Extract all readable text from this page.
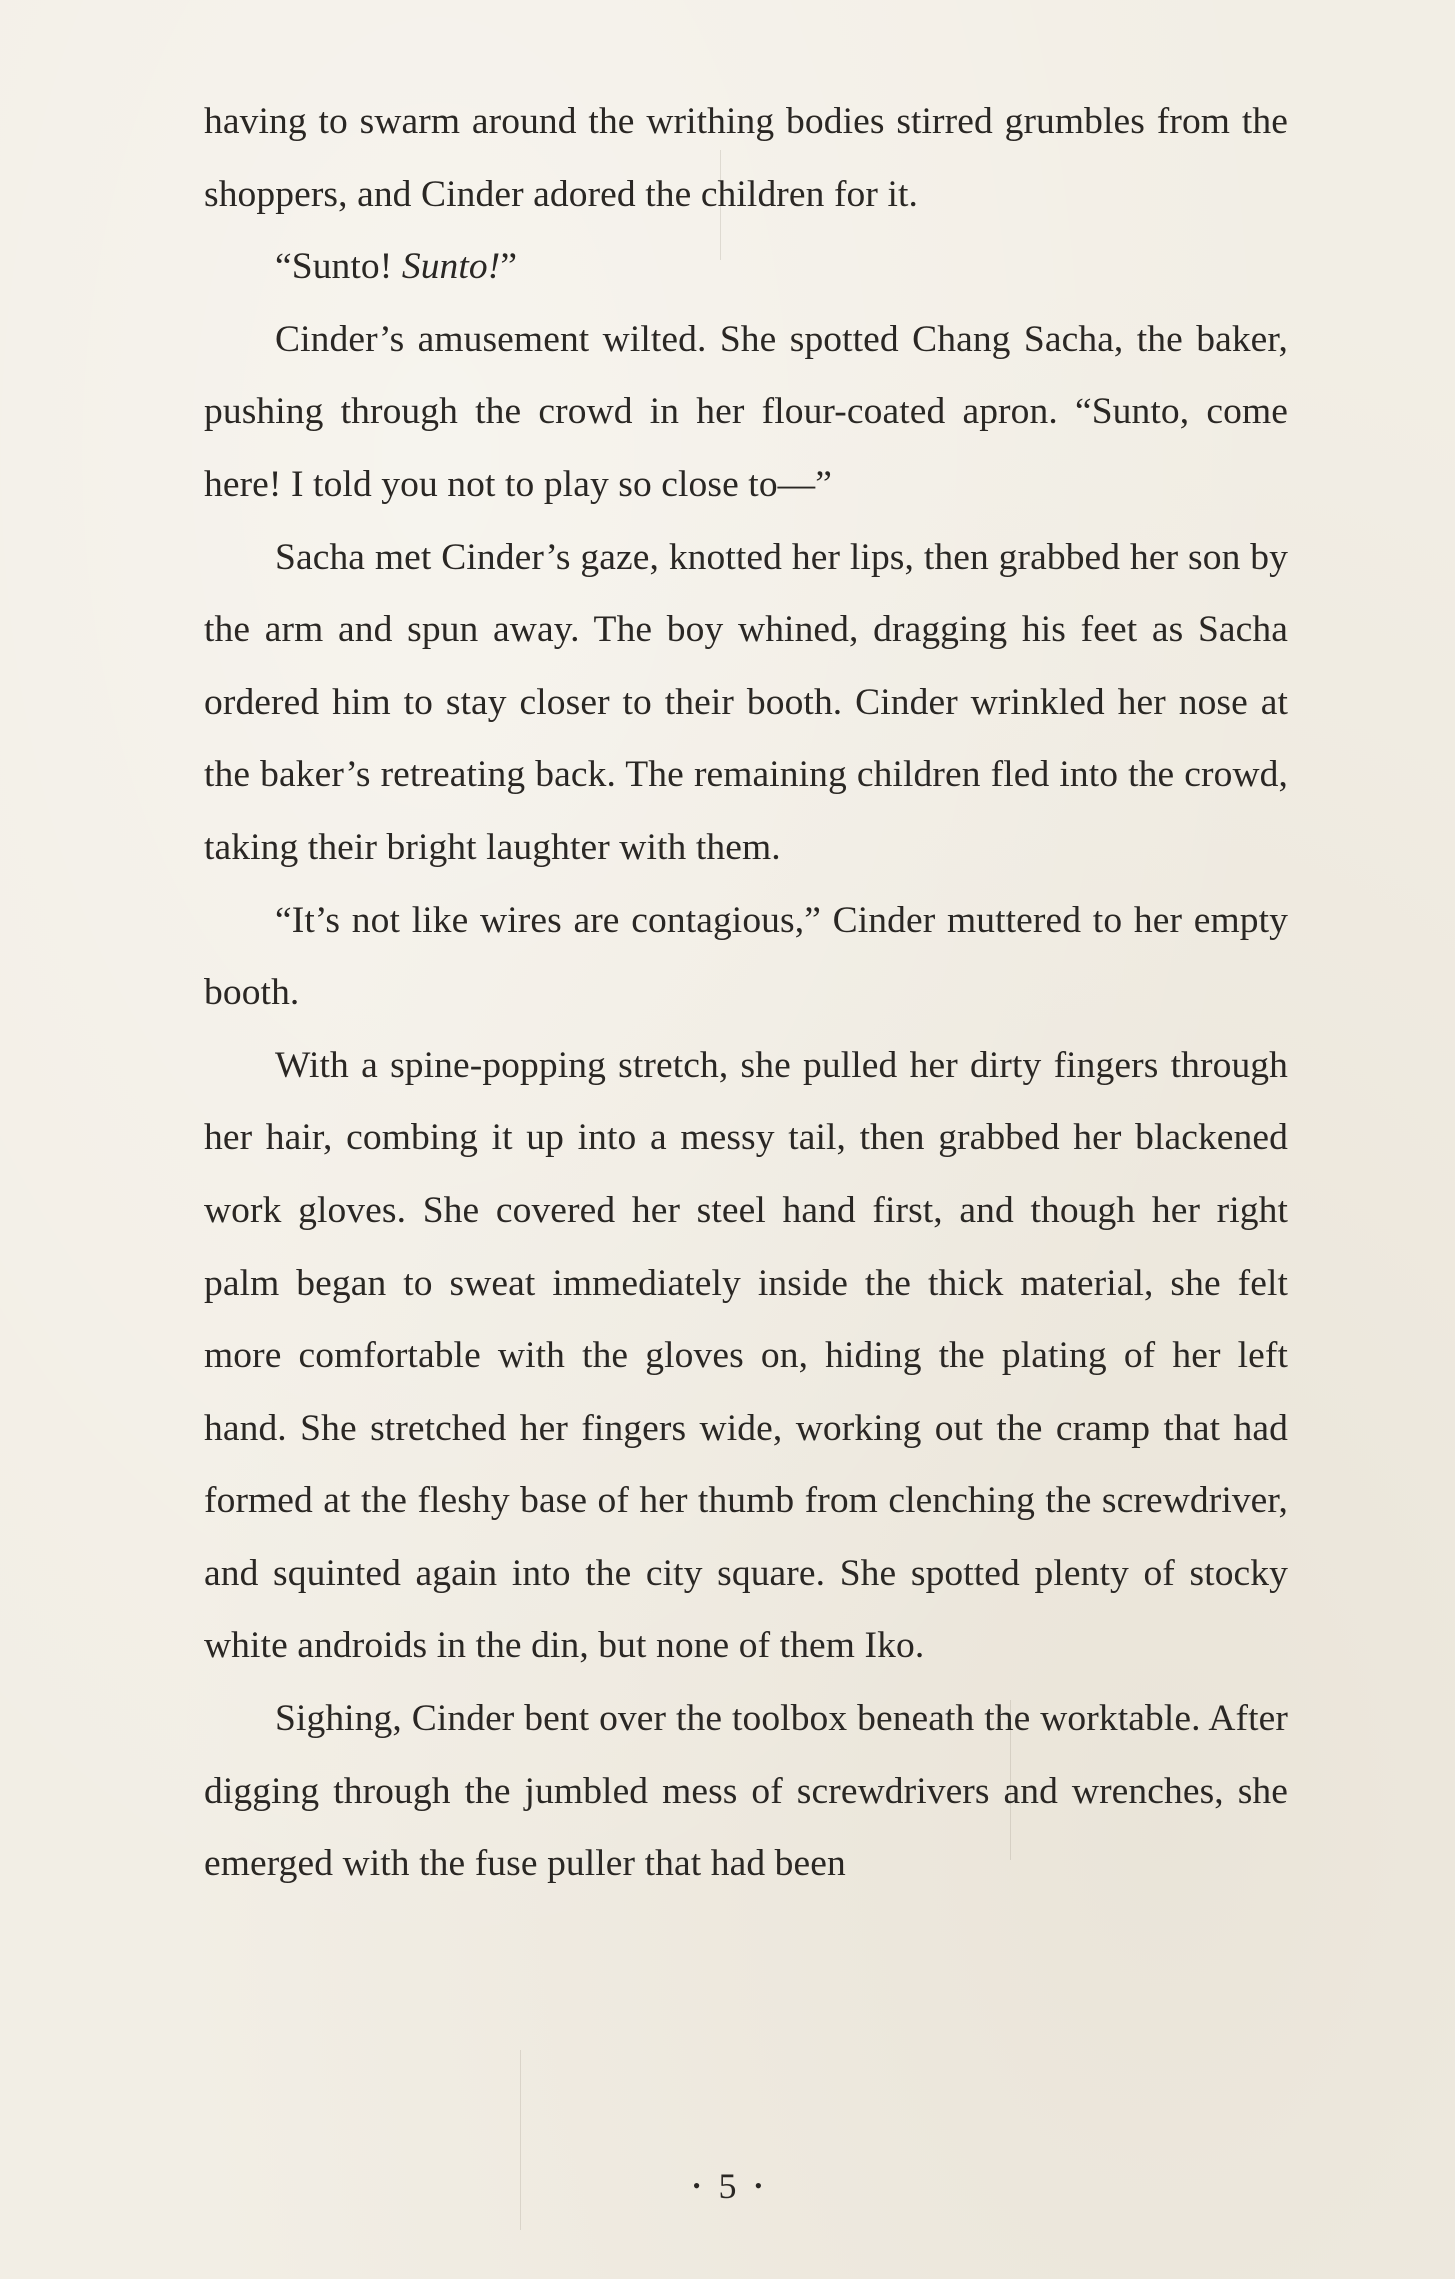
having to swarm around the writhing bodies stirred grumbles from the shoppers, and Cinder adored the children for it.

“Sunto! Sunto!”

Cinder’s amusement wilted. She spotted Chang Sacha, the baker, pushing through the crowd in her flour-coated apron. “Sunto, come here! I told you not to play so close to—”

Sacha met Cinder’s gaze, knotted her lips, then grabbed her son by the arm and spun away. The boy whined, dragging his feet as Sacha ordered him to stay closer to their booth. Cinder wrinkled her nose at the baker’s retreating back. The remaining children fled into the crowd, taking their bright laughter with them.

“It’s not like wires are contagious,” Cinder muttered to her empty booth.

With a spine-popping stretch, she pulled her dirty fingers through her hair, combing it up into a messy tail, then grabbed her blackened work gloves. She covered her steel hand first, and though her right palm began to sweat immediately inside the thick material, she felt more comfortable with the gloves on, hiding the plating of her left hand. She stretched her fingers wide, working out the cramp that had formed at the fleshy base of her thumb from clenching the screwdriver, and squinted again into the city square. She spotted plenty of stocky white androids in the din, but none of them Iko.

Sighing, Cinder bent over the toolbox beneath the worktable. After digging through the jumbled mess of screwdrivers and wrenches, she emerged with the fuse puller that had been

• 5 •
